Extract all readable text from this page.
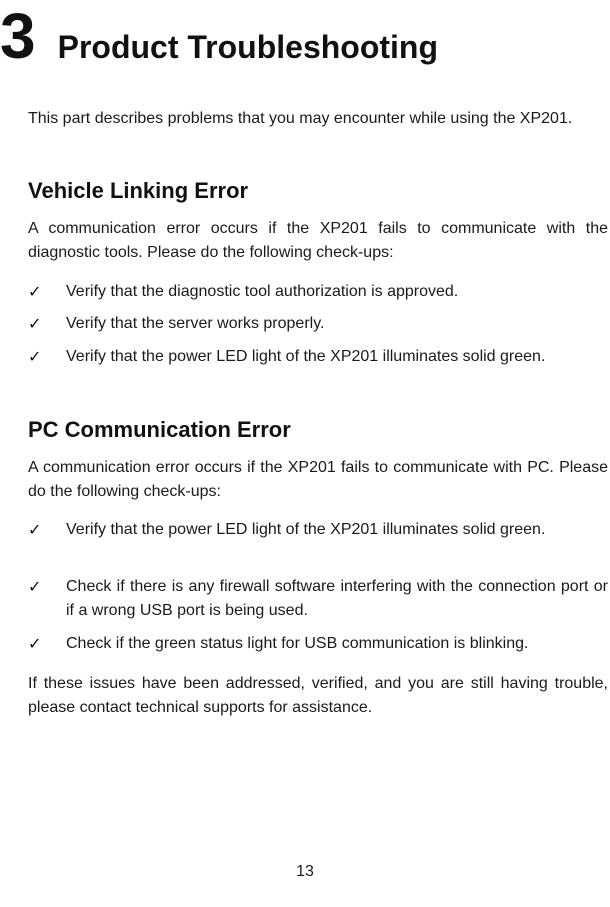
3 Product Troubleshooting

This part describes problems that you may encounter while using the XP201.

Vehicle Linking Error

A communication error occurs if the XP201 fails to communicate with the diagnostic tools. Please do the following check-ups:

✓	Verify that the diagnostic tool authorization is approved.
✓	Verify that the server works properly.
✓	Verify that the power LED light of the XP201 illuminates solid green.
PC Communication Error

A communication error occurs if the XP201 fails to communicate with PC. Please do the following check-ups:

✓	Verify that the power LED light of the XP201 illuminates solid green.
✓	Check if there is any firewall software interfering with the connection port or if a wrong USB port is being used.
✓	Check if the green status light for USB communication is blinking.

If these issues have been addressed, verified, and you are still having trouble, please contact technical supports for assistance.

13
